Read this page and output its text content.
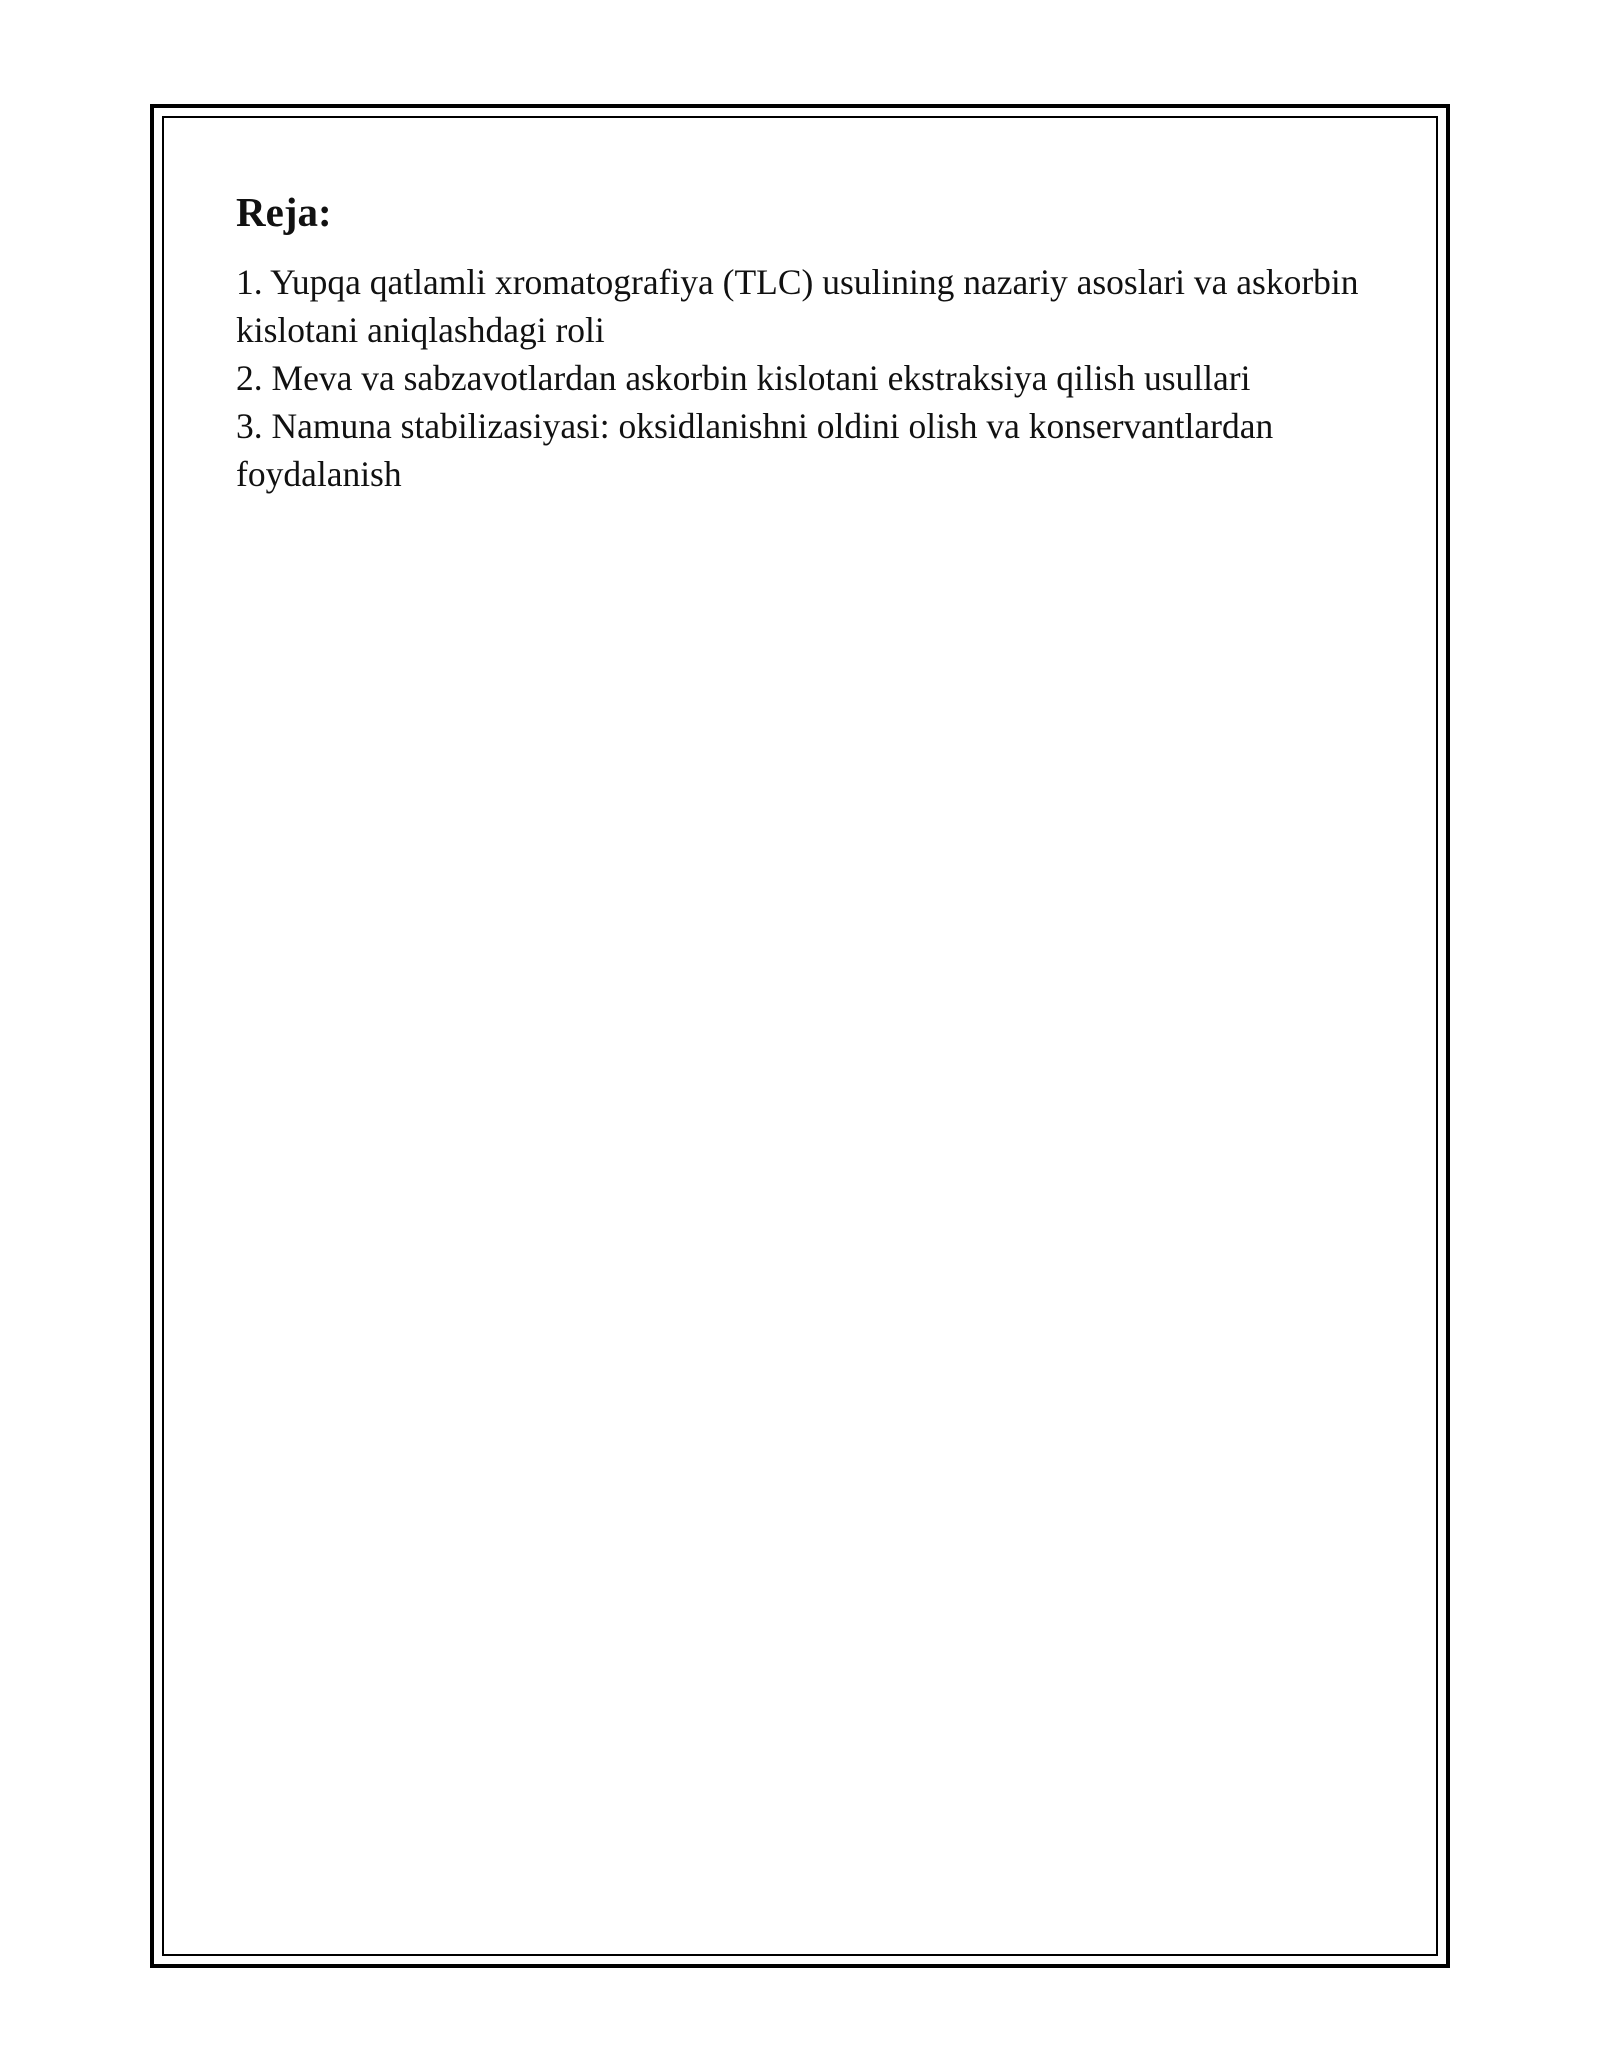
Reja:
1. Yupqa qatlamli xromatografiya (TLC) usulining nazariy asoslari va askorbin kislotani aniqlashdagi roli
2. Meva va sabzavotlardan askorbin kislotani ekstraksiya qilish usullari
3. Namuna stabilizasiyasi: oksidlanishni oldini olish va konservantlardan foydalanish
